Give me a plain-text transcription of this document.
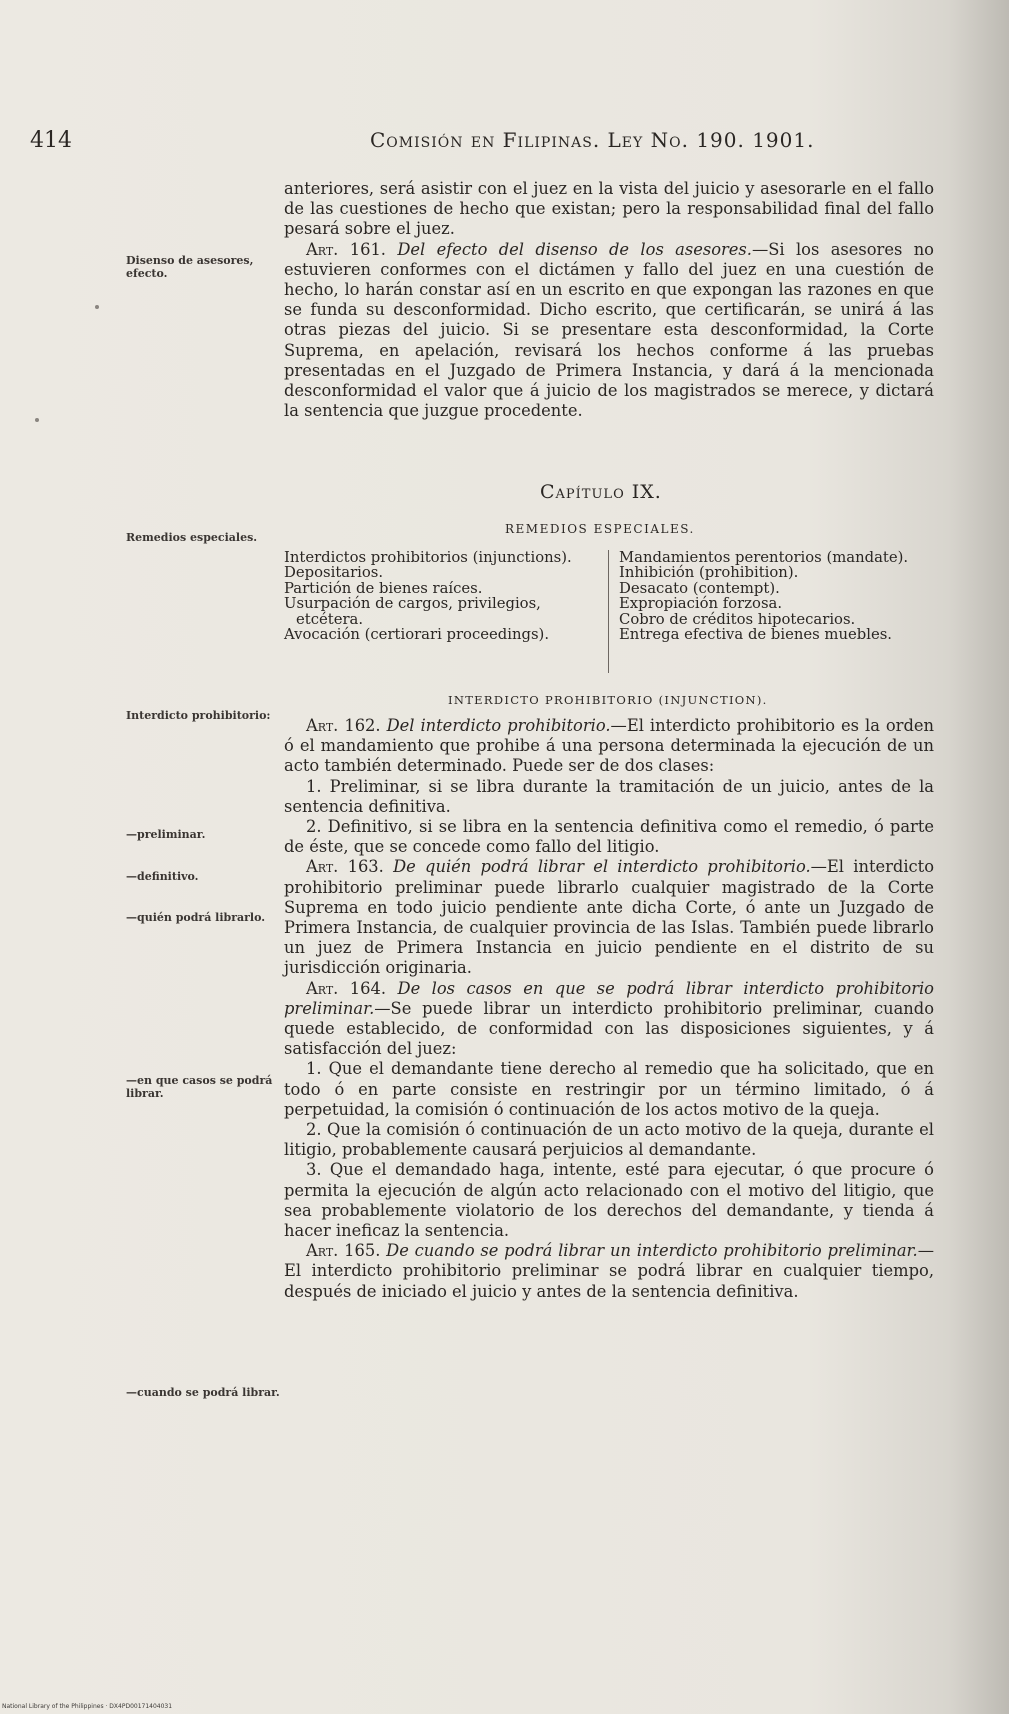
414	Comisión en Filipinas. Ley No. 190. 1901.
Disenso de asesores, efecto.
Remedios especiales.
Interdicto prohibitorio:
—preliminar.
—definitivo.
—quién podrá librarlo.
—en que casos se podrá librar.
—cuando se podrá librar.

anteriores, será asistir con el juez en la vista del juicio y asesorarle en el fallo de las cuestiones de hecho que existan; pero la responsabilidad final del fallo pesará sobre el juez.

Art. 161. Del efecto del disenso de los asesores.—Si los asesores no estuvieren conformes con el dictámen y fallo del juez en una cuestión de hecho, lo harán constar así en un escrito en que expongan las razones en que se funda su desconformidad. Dicho escrito, que certificarán, se unirá á las otras piezas del juicio. Si se presentare esta desconformidad, la Corte Suprema, en apelación, revisará los hechos conforme á las pruebas presentadas en el Juzgado de Primera Instancia, y dará á la mencionada desconformidad el valor que á juicio de los magistrados se merece, y dictará la sentencia que juzgue procedente.

Capítulo IX.
REMEDIOS ESPECIALES.
Interdictos prohibitorios (injunctions).
Depositarios.
Partición de bienes raíces.
Usurpación de cargos, privilegios, etcétera.
Avocación (certiorari proceedings).
Mandamientos perentorios (mandate).
Inhibición (prohibition).
Desacato (contempt).
Expropiación forzosa.
Cobro de créditos hipotecarios.
Entrega efectiva de bienes muebles.
INTERDICTO PROHIBITORIO (INJUNCTION).

Art. 162. Del interdicto prohibitorio.—El interdicto prohibitorio es la orden ó el mandamiento que prohibe á una persona determinada la ejecución de un acto también determinado. Puede ser de dos clases:

1. Preliminar, si se libra durante la tramitación de un juicio, antes de la sentencia definitiva.

2. Definitivo, si se libra en la sentencia definitiva como el remedio, ó parte de éste, que se concede como fallo del litigio.

Art. 163. De quién podrá librar el interdicto prohibitorio.—El interdicto prohibitorio preliminar puede librarlo cualquier magistrado de la Corte Suprema en todo juicio pendiente ante dicha Corte, ó ante un Juzgado de Primera Instancia, de cualquier provincia de las Islas. También puede librarlo un juez de Primera Instancia en juicio pendiente en el distrito de su jurisdicción originaria.

Art. 164. De los casos en que se podrá librar interdicto prohibitorio preliminar.—Se puede librar un interdicto prohibitorio preliminar, cuando quede establecido, de conformidad con las disposiciones siguientes, y á satisfacción del juez:

1. Que el demandante tiene derecho al remedio que ha solicitado, que en todo ó en parte consiste en restringir por un término limitado, ó á perpetuidad, la comisión ó continuación de los actos motivo de la queja.

2. Que la comisión ó continuación de un acto motivo de la queja, durante el litigio, probablemente causará perjuicios al demandante.

3. Que el demandado haga, intente, esté para ejecutar, ó que procure ó permita la ejecución de algún acto relacionado con el motivo del litigio, que sea probablemente violatorio de los derechos del demandante, y tienda á hacer ineficaz la sentencia.

Art. 165. De cuando se podrá librar un interdicto prohibitorio preliminar.—El interdicto prohibitorio preliminar se podrá librar en cualquier tiempo, después de iniciado el juicio y antes de la sentencia definitiva.

National Library of the Philippines · DX4PD00171404031
